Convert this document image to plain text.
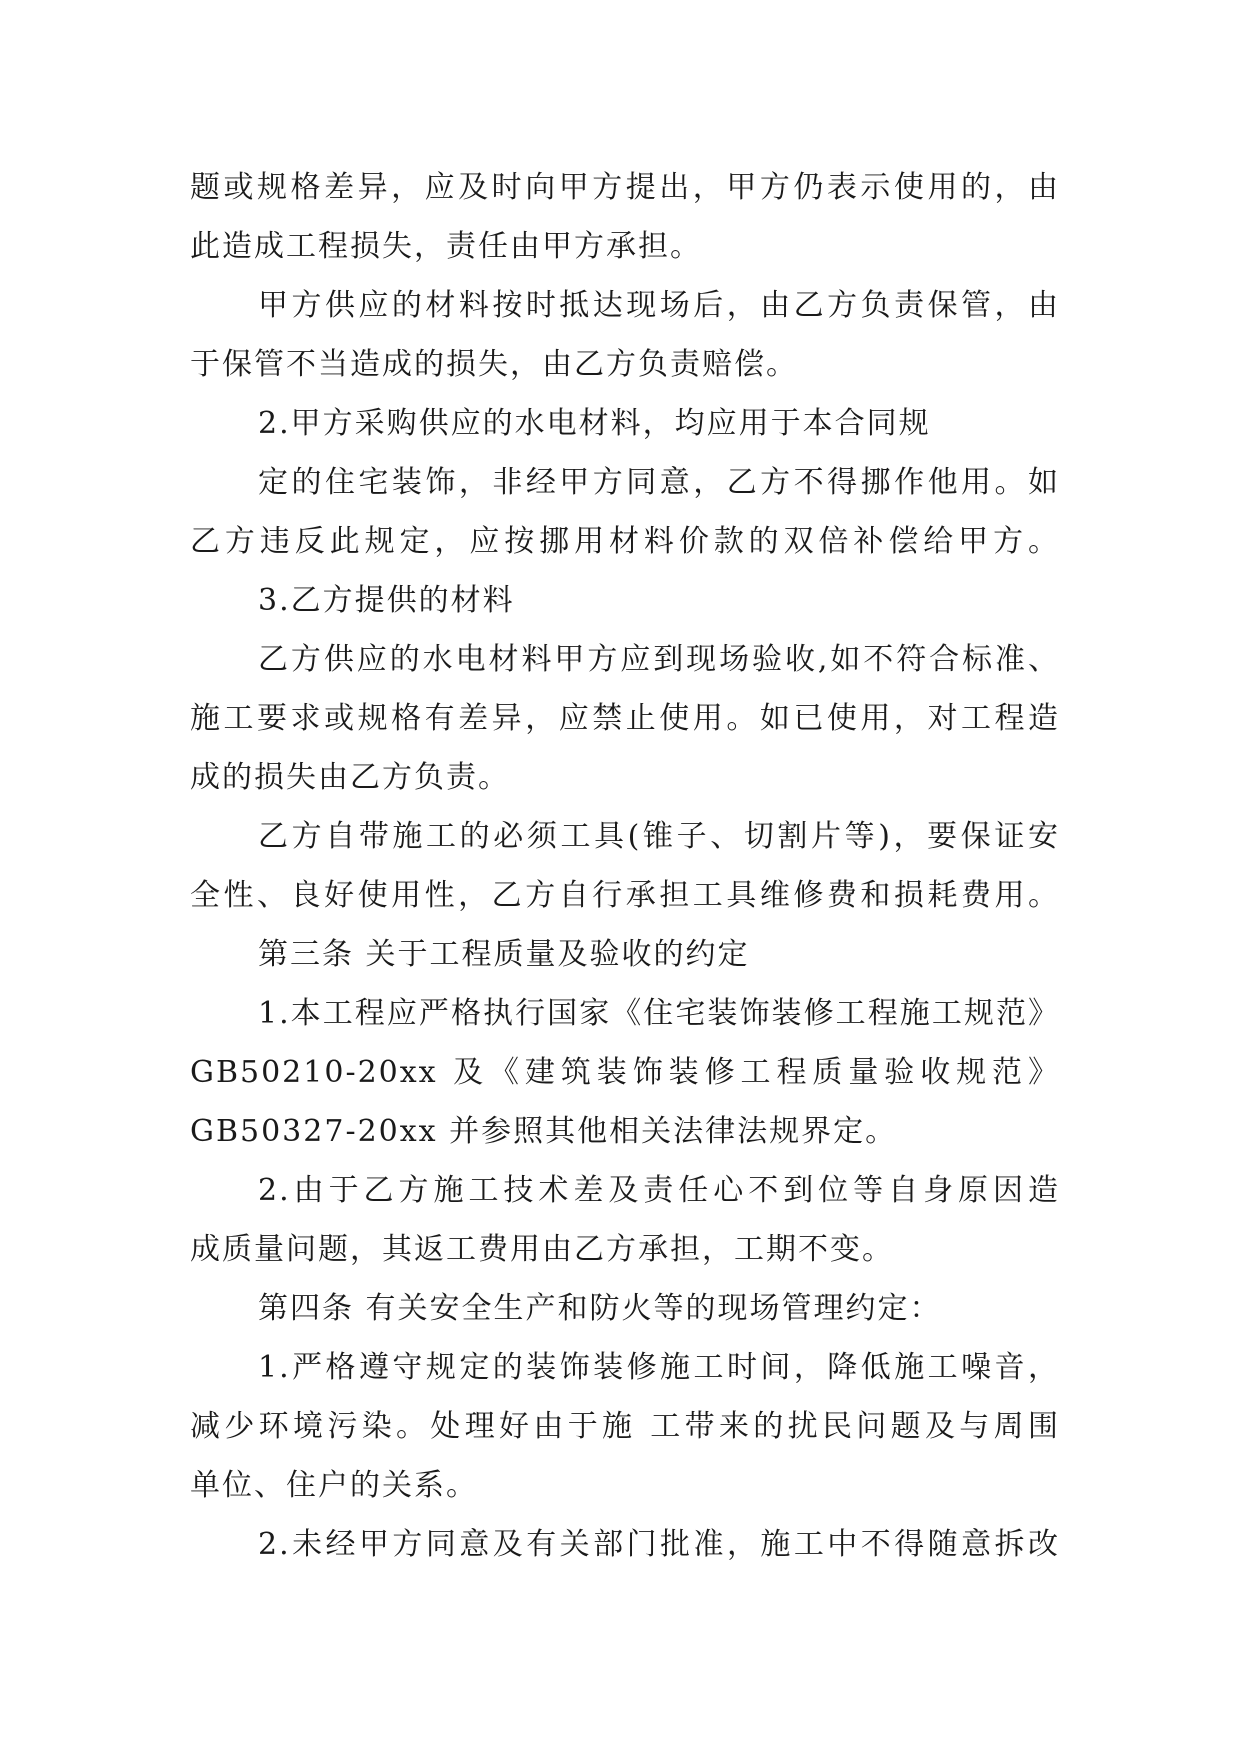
题或规格差异，应及时向甲方提出，甲方仍表示使用的，由
此造成工程损失，责任由甲方承担。
甲方供应的材料按时抵达现场后，由乙方负责保管，由
于保管不当造成的损失，由乙方负责赔偿。
2.甲方采购供应的水电材料，均应用于本合同规
定的住宅装饰，非经甲方同意，乙方不得挪作他用。如
乙方违反此规定，应按挪用材料价款的双倍补偿给甲方。
3.乙方提供的材料
乙方供应的水电材料甲方应到现场验收,如不符合标准、
施工要求或规格有差异，应禁止使用。如已使用，对工程造
成的损失由乙方负责。
乙方自带施工的必须工具(锥子、切割片等)，要保证安
全性、良好使用性，乙方自行承担工具维修费和损耗费用。
第三条 关于工程质量及验收的约定
1.本工程应严格执行国家《住宅装饰装修工程施工规范》
GB50210-20xx 及《建筑装饰装修工程质量验收规范》
GB50327-20xx 并参照其他相关法律法规界定。
2.由于乙方施工技术差及责任心不到位等自身原因造
成质量问题，其返工费用由乙方承担，工期不变。
第四条 有关安全生产和防火等的现场管理约定：
1.严格遵守规定的装饰装修施工时间，降低施工噪音，
减少环境污染。处理好由于施 工带来的扰民问题及与周围
单位、住户的关系。
2.未经甲方同意及有关部门批准，施工中不得随意拆改
